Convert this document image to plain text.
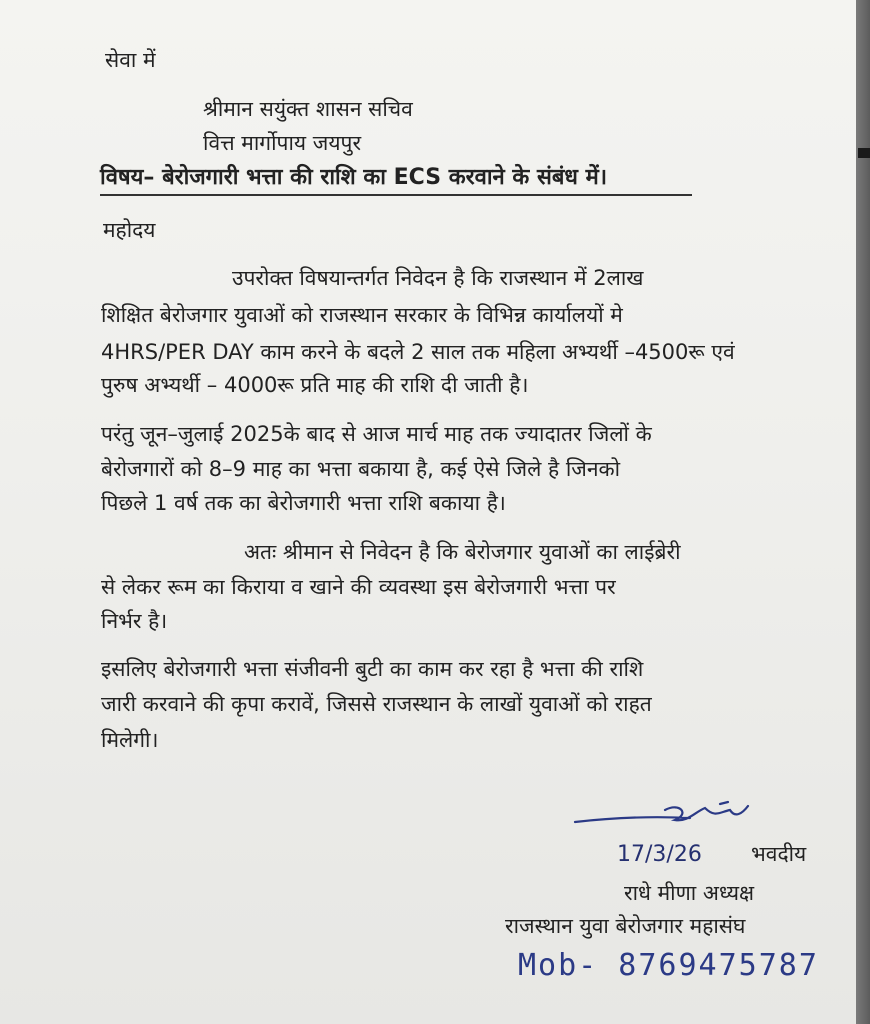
सेवा में
श्रीमान सयुंक्त शासन सचिव
वित्त मार्गोपाय जयपुर
विषय– बेरोजगारी भत्ता की राशि का ECS करवाने के संबंध में।
महोदय
उपरोक्त विषयान्तर्गत निवेदन है कि राजस्थान में 2लाख
शिक्षित बेरोजगार युवाओं को राजस्थान सरकार के विभिन्न कार्यालयों मे
4HRS/PER DAY काम करने के बदले 2 साल तक महिला अभ्यर्थी –4500रू एवं
पुरुष अभ्यर्थी – 4000रू प्रति माह की राशि दी जाती है।
परंतु जून–जुलाई 2025के बाद से आज मार्च माह तक ज्यादातर जिलों के
बेरोजगारों को 8–9 माह का भत्ता बकाया है, कई ऐसे जिले है जिनको
पिछले 1 वर्ष तक का बेरोजगारी भत्ता राशि बकाया है।
अतः श्रीमान से निवेदन है कि बेरोजगार युवाओं का लाईब्रेरी
से लेकर रूम का किराया व खाने की व्यवस्था इस बेरोजगारी भत्ता पर
निर्भर है।
इसलिए बेरोजगारी भत्ता संजीवनी बुटी का काम कर रहा है भत्ता की राशि
जारी करवाने की कृपा करावें, जिससे राजस्थान के लाखों युवाओं को राहत
मिलेगी।
17/3/26 भवदीय
राधे मीणा अध्यक्ष
राजस्थान युवा बेरोजगार महासंघ
Mob- 8769475787
